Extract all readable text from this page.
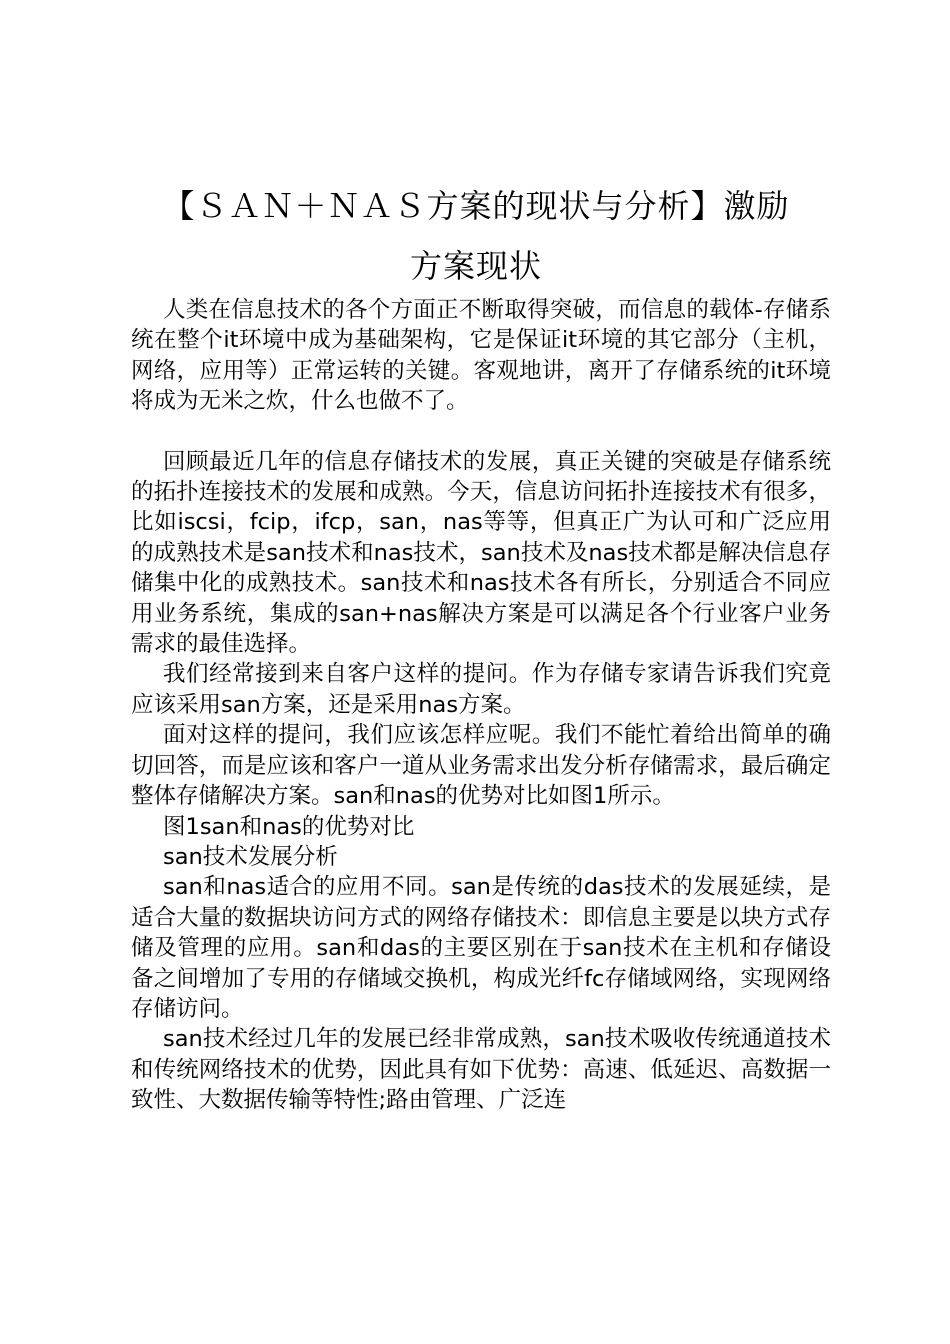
【ＳＡＮ＋ＮＡＳ方案的现状与分析】激励
方案现状

人类在信息技术的各个方面正不断取得突破，而信息的载体-存储系统在整个it环境中成为基础架构，它是保证it环境的其它部分（主机，网络，应用等）正常运转的关键。客观地讲，离开了存储系统的it环境将成为无米之炊，什么也做不了。

回顾最近几年的信息存储技术的发展，真正关键的突破是存储系统的拓扑连接技术的发展和成熟。今天，信息访问拓扑连接技术有很多，比如iscsi，fcip，ifcp，san，nas等等，但真正广为认可和广泛应用的成熟技术是san技术和nas技术，san技术及nas技术都是解决信息存储集中化的成熟技术。san技术和nas技术各有所长，分别适合不同应用业务系统，集成的san+nas解决方案是可以满足各个行业客户业务需求的最佳选择。

我们经常接到来自客户这样的提问。作为存储专家请告诉我们究竟应该采用san方案，还是采用nas方案。

面对这样的提问，我们应该怎样应呢。我们不能忙着给出简单的确切回答，而是应该和客户一道从业务需求出发分析存储需求，最后确定整体存储解决方案。san和nas的优势对比如图1所示。

图1san和nas的优势对比

san技术发展分析

san和nas适合的应用不同。san是传统的das技术的发展延续，是适合大量的数据块访问方式的网络存储技术：即信息主要是以块方式存储及管理的应用。san和das的主要区别在于san技术在主机和存储设备之间增加了专用的存储域交换机，构成光纤fc存储域网络，实现网络存储访问。

san技术经过几年的发展已经非常成熟，san技术吸收传统通道技术和传统网络技术的优势，因此具有如下优势：高速、低延迟、高数据一致性、大数据传输等特性;路由管理、广泛连
